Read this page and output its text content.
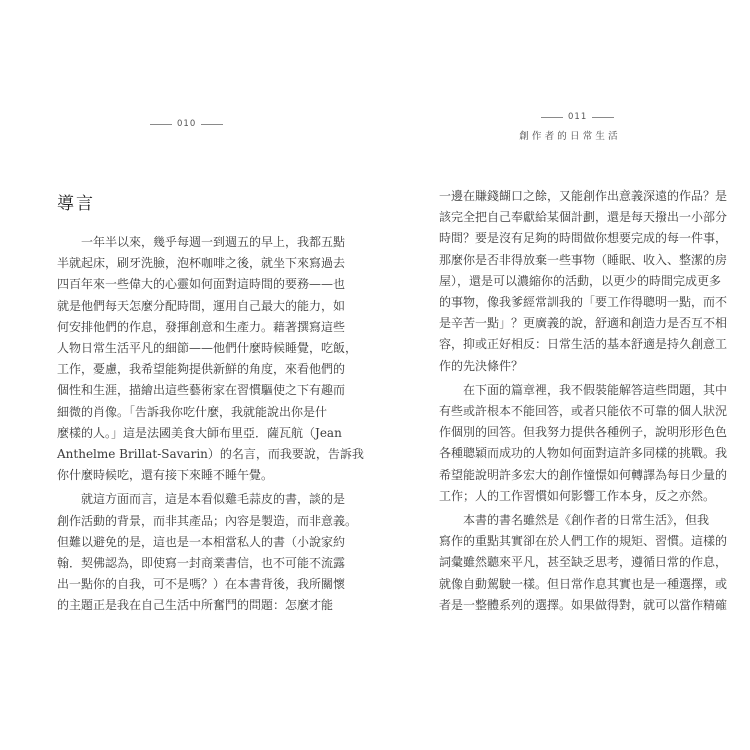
010
導言

　　一年半以來，幾乎每週一到週五的早上，我都五點
半就起床，刷牙洗臉，泡杯咖啡之後，就坐下來寫過去
四百年來一些偉大的心靈如何面對這時間的要務——也
就是他們每天怎麼分配時間，運用自己最大的能力，如
何安排他們的作息，發揮創意和生產力。藉著撰寫這些
人物日常生活平凡的細節——他們什麼時候睡覺，吃飯，
工作，憂慮，我希望能夠提供新鮮的角度，來看他們的
個性和生涯，描繪出這些藝術家在習慣驅使之下有趣而
細微的肖像。「告訴我你吃什麼，我就能說出你是什
麼樣的人。」這是法國美食大師布里亞．薩瓦航（Jean
Anthelme Brillat-Savarin）的名言，而我要說，告訴我
你什麼時候吃，還有接下來睡不睡午覺。

　　就這方面而言，這是本看似雞毛蒜皮的書，談的是
創作活動的背景，而非其產品；內容是製造，而非意義。
但難以避免的是，這也是一本相當私人的書（小說家約
翰．契佛認為，即使寫一封商業書信，也不可能不流露
出一點你的自我，可不是嗎？）在本書背後，我所關懷
的主題正是我在自己生活中所奮鬥的問題：怎麼才能

011
創作者的日常生活

一邊在賺錢餬口之餘，又能創作出意義深遠的作品？是
該完全把自己奉獻給某個計劃，還是每天撥出一小部分
時間？要是沒有足夠的時間做你想要完成的每一件事，
那麼你是否非得放棄一些事物（睡眠、收入、整潔的房
屋），還是可以濃縮你的活動，以更少的時間完成更多
的事物，像我爹經常訓我的「要工作得聰明一點，而不
是辛苦一點」？更廣義的說，舒適和創造力是否互不相
容，抑或正好相反：日常生活的基本舒適是持久創意工
作的先決條件？

　　在下面的篇章裡，我不假裝能解答這些問題，其中
有些或許根本不能回答，或者只能依不可靠的個人狀況
作個別的回答。但我努力提供各種例子，說明形形色色
各種聰穎而成功的人物如何面對這許多同樣的挑戰。我
希望能說明許多宏大的創作憧憬如何轉譯為每日少量的
工作；人的工作習慣如何影響工作本身，反之亦然。

　　本書的書名雖然是《創作者的日常生活》，但我
寫作的重點其實卻在於人們工作的規矩、習慣。這樣的
詞彙雖然聽來平凡，甚至缺乏思考，遵循日常的作息，
就像自動駕駛一樣。但日常作息其實也是一種選擇，或
者是一整體系列的選擇。如果做得對，就可以當作精確
